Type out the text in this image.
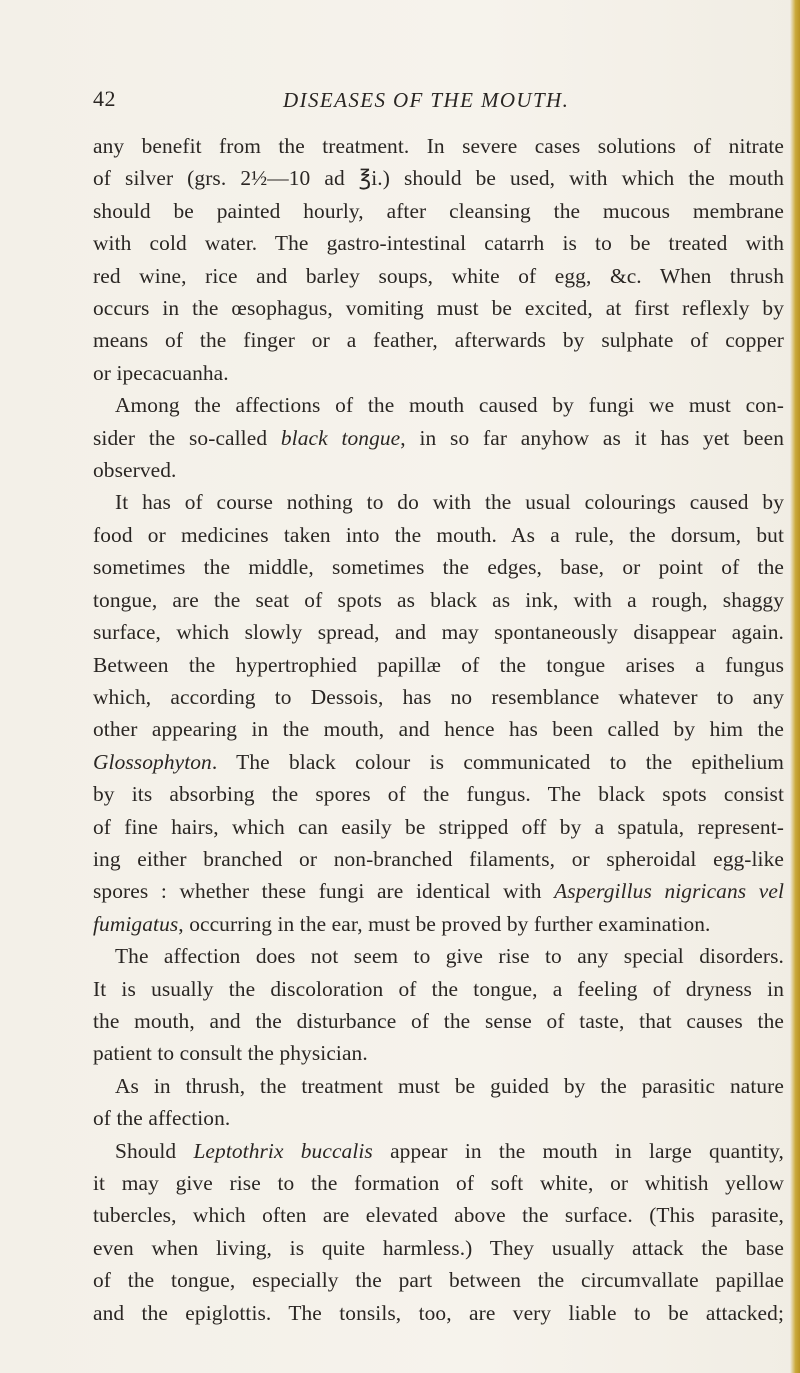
42	DISEASES OF THE MOUTH.

any benefit from the treatment. In severe cases solutions of nitrate

of silver (grs. 2½—10 ad ℥i.) should be used, with which the mouth

should be painted hourly, after cleansing the mucous membrane

with cold water. The gastro-intestinal catarrh is to be treated with

red wine, rice and barley soups, white of egg, &c. When thrush

occurs in the œsophagus, vomiting must be excited, at first reflexly by

means of the finger or a feather, afterwards by sulphate of copper

or ipecacuanha.

Among the affections of the mouth caused by fungi we must con-

sider the so-called black tongue, in so far anyhow as it has yet been

observed.

It has of course nothing to do with the usual colourings caused by

food or medicines taken into the mouth. As a rule, the dorsum, but

sometimes the middle, sometimes the edges, base, or point of the

tongue, are the seat of spots as black as ink, with a rough, shaggy

surface, which slowly spread, and may spontaneously disappear again.

Between the hypertrophied papillæ of the tongue arises a fungus

which, according to Dessois, has no resemblance whatever to any

other appearing in the mouth, and hence has been called by him the

Glossophyton. The black colour is communicated to the epithelium

by its absorbing the spores of the fungus. The black spots consist

of fine hairs, which can easily be stripped off by a spatula, represent-

ing either branched or non-branched filaments, or spheroidal egg-like

spores : whether these fungi are identical with Aspergillus nigricans vel

fumigatus, occurring in the ear, must be proved by further examination.

The affection does not seem to give rise to any special disorders.

It is usually the discoloration of the tongue, a feeling of dryness in

the mouth, and the disturbance of the sense of taste, that causes the

patient to consult the physician.

As in thrush, the treatment must be guided by the parasitic nature

of the affection.

Should Leptothrix buccalis appear in the mouth in large quantity,

it may give rise to the formation of soft white, or whitish yellow

tubercles, which often are elevated above the surface. (This parasite,

even when living, is quite harmless.) They usually attack the base

of the tongue, especially the part between the circumvallate papillae

and the epiglottis. The tonsils, too, are very liable to be attacked;
